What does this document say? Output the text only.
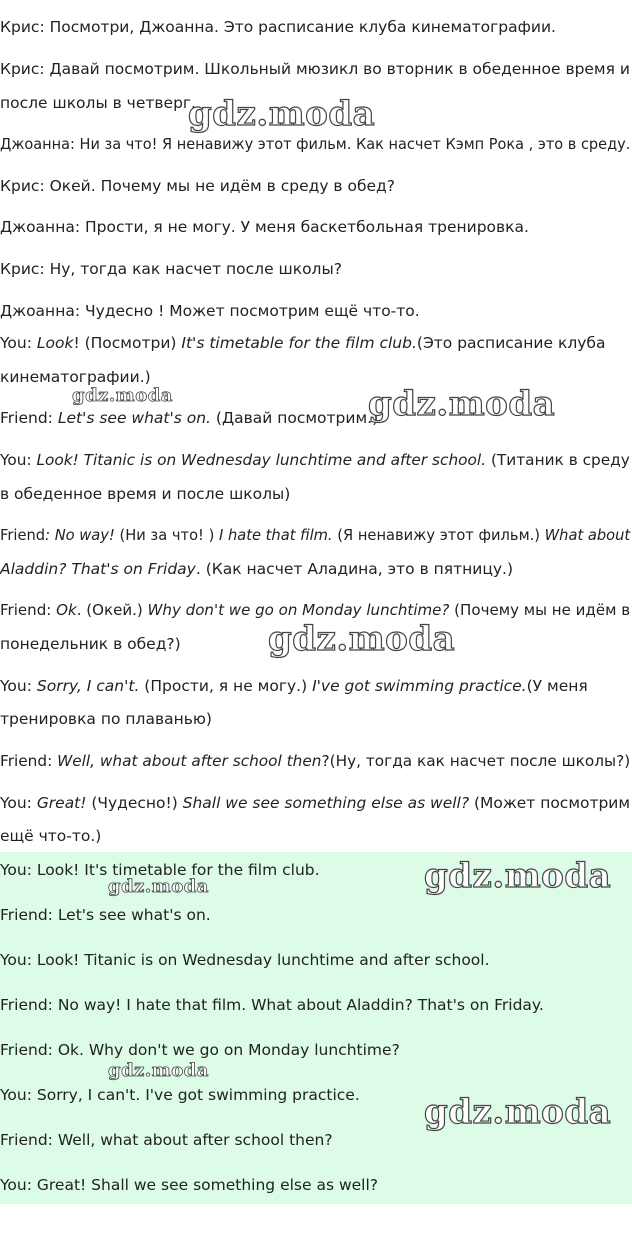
Крис: Посмотри, Джоанна. Это расписание клуба кинематографии.
Крис: Давай посмотрим. Школьный мюзикл во вторник в обеденное время и
после школы в четверг.
Джоанна: Ни за что! Я ненавижу этот фильм. Как насчет Кэмп Рока , это в среду.
Крис: Окей. Почему мы не идём в среду в обед?
Джоанна: Прости, я не могу. У меня баскетбольная тренировка.
Крис: Ну, тогда как насчет после школы?
Джоанна: Чудесно ! Может посмотрим ещё что-то.
You: Look! (Посмотри) It's timetable for the film club.(Это расписание клуба
кинематографии.)
Friend: Let's see what's on. (Давай посмотрим.)
You: Look! Titanic is on Wednesday lunchtime and after school. (Титаник в среду
в обеденное время и после школы)
Friend: No way! (Ни за что! ) I hate that film. (Я ненавижу этот фильм.) What about
Aladdin? That's on Friday. (Как насчет Аладина, это в пятницу.)
Friend: Ok. (Окей.) Why don't we go on Monday lunchtime? (Почему мы не идём в
понедельник в обед?)
You: Sorry, I can't. (Прости, я не могу.) I've got swimming practice.(У меня
тренировка по плаванью)
Friend: Well, what about after school then?(Ну, тогда как насчет после школы?)
You: Great! (Чудесно!) Shall we see something else as well? (Может посмотрим
ещё что-то.)
You: Look! It's timetable for the film club.
Friend: Let's see what's on.
You: Look! Titanic is on Wednesday lunchtime and after school.
Friend: No way! I hate that film. What about Aladdin? That's on Friday.
Friend: Ok. Why don't we go on Monday lunchtime?
You: Sorry, I can't. I've got swimming practice.
Friend: Well, what about after school then?
You: Great! Shall we see something else as well?
gdz.moda
gdz.moda	gdz.moda
gdz.moda
gdz.moda
gdz.moda
gdz.moda
gdz.moda
